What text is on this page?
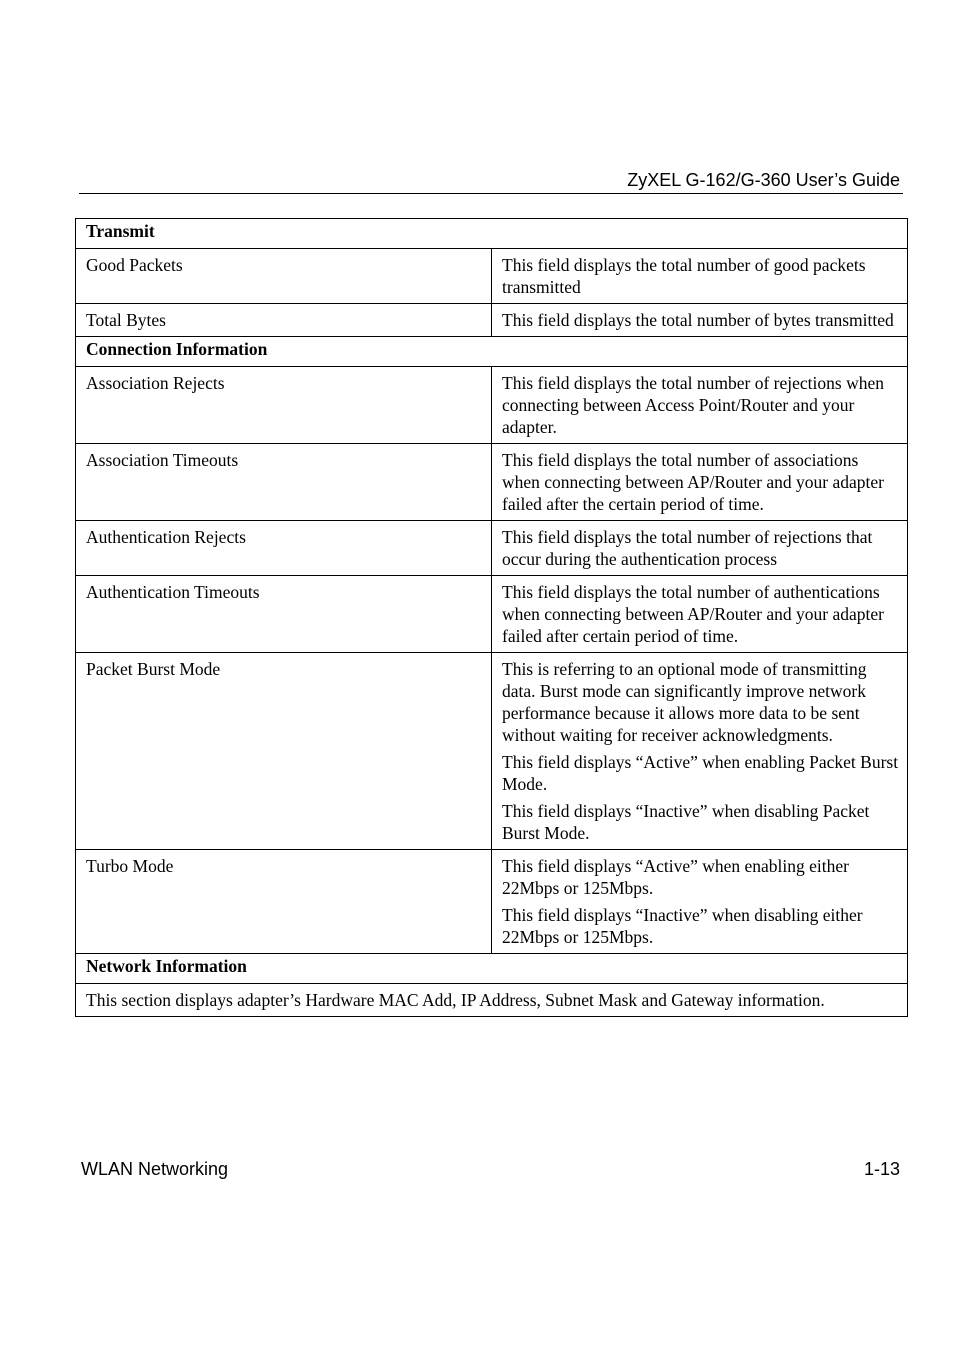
ZyXEL G-162/G-360 User’s Guide
Transmit	
Good Packets	This field displays the total number of good packets transmitted

Total Bytes	This field displays the total number of bytes transmitted

Connection Information	
Association Rejects	This field displays the total number of rejections when connecting between Access Point/Router and your adapter.

Association Timeouts	This field displays the total number of associations when connecting between AP/Router and your adapter failed after the certain period of time.

Authentication Rejects	This field displays the total number of rejections that occur during the authentication process

Authentication Timeouts	This field displays the total number of authentications when connecting between AP/Router and your adapter failed after certain period of time.

Packet Burst Mode	This is referring to an optional mode of transmitting data. Burst mode can significantly improve network performance because it allows more data to be sent without waiting for receiver acknowledgments.

This field displays “Active” when enabling Packet Burst Mode.

This field displays “Inactive” when disabling Packet Burst Mode.

Turbo Mode	This field displays “Active” when enabling either 22Mbps or 125Mbps.

This field displays “Inactive” when disabling either 22Mbps or 125Mbps.

Network Information	
This section displays adapter’s Hardware MAC Add, IP Address, Subnet Mask and Gateway information.	
WLAN Networking	1-13
